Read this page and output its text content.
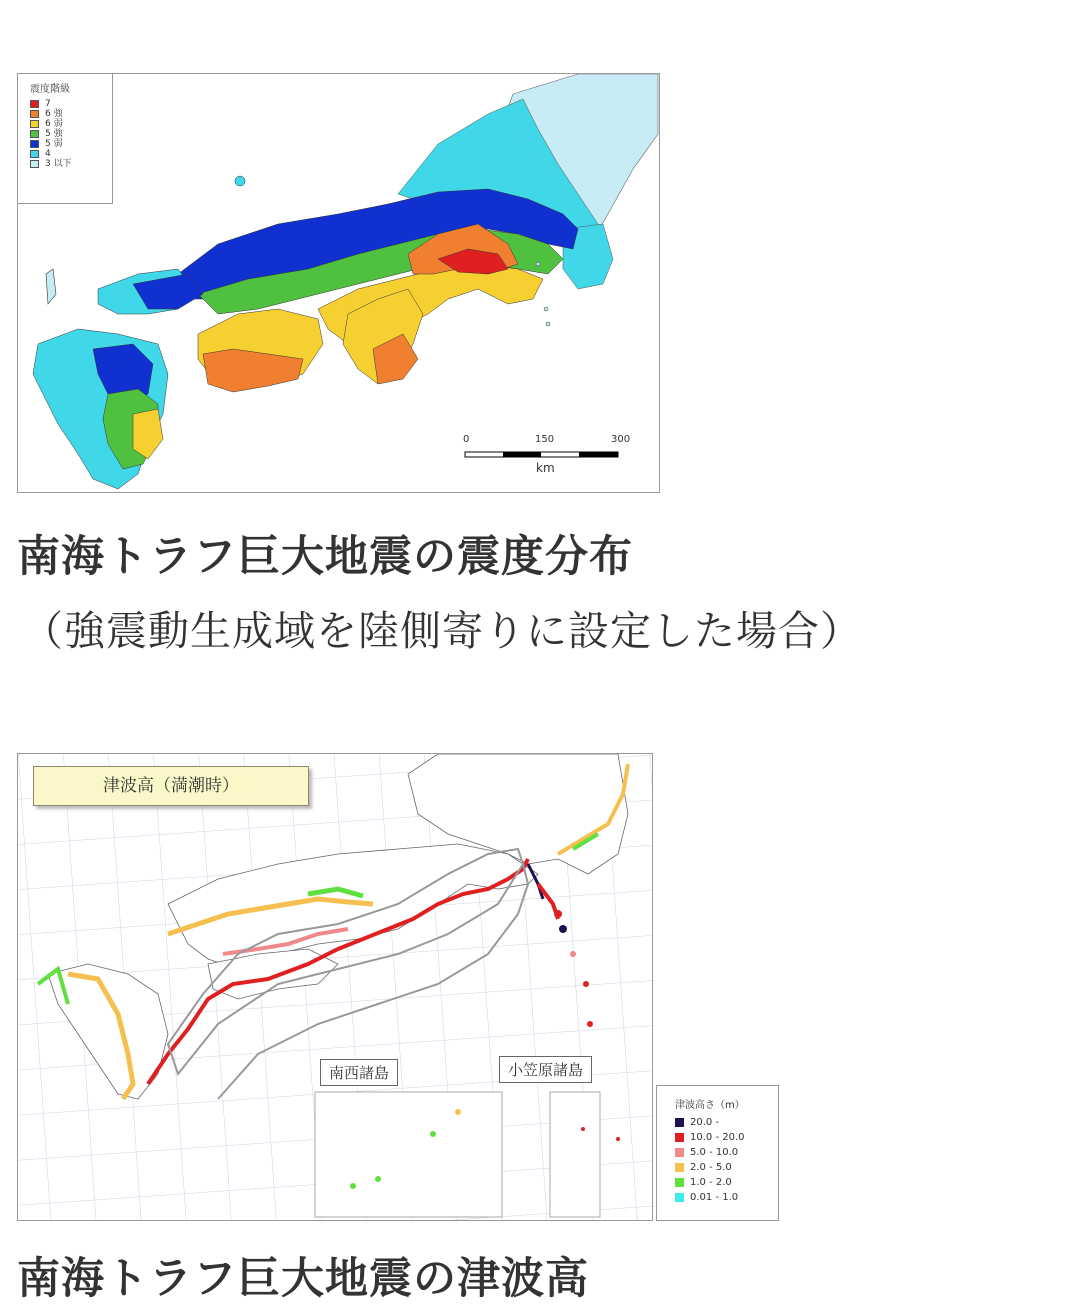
震度階級
7
6 強
6 弱
5 強
5 弱
4
3 以下
0	150	300
km
南海トラフ巨大地震の震度分布
（強震動生成域を陸側寄りに設定した場合）
津波高（満潮時）
南西諸島	小笠原諸島
津波高さ（m）
20.0 -
10.0 - 20.0
5.0 - 10.0
2.0 - 5.0
1.0 - 2.0
0.01 - 1.0
南海トラフ巨大地震の津波高
